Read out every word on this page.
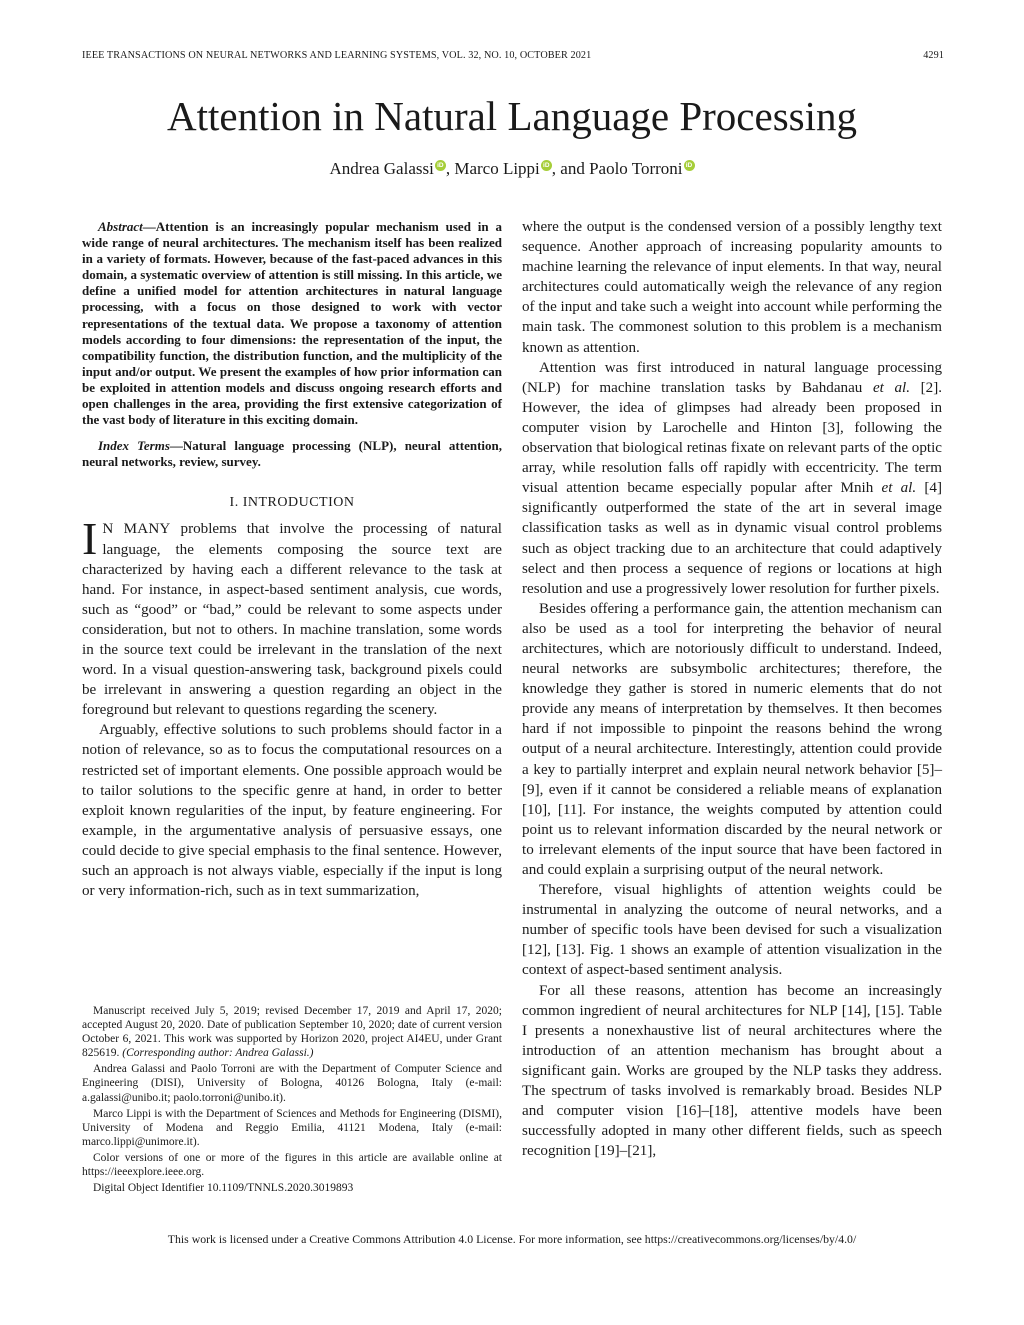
IEEE TRANSACTIONS ON NEURAL NETWORKS AND LEARNING SYSTEMS, VOL. 32, NO. 10, OCTOBER 2021	4291
Attention in Natural Language Processing
Andrea Galassi iD , Marco Lippi iD , and Paolo Torroni iD

Abstract—Attention is an increasingly popular mechanism used in a wide range of neural architectures. The mechanism itself has been realized in a variety of formats. However, because of the fast-paced advances in this domain, a systematic overview of attention is still missing. In this article, we define a unified model for attention architectures in natural language processing, with a focus on those designed to work with vector representations of the textual data. We propose a taxonomy of attention models according to four dimensions: the representation of the input, the compatibility function, the distribution function, and the multiplicity of the input and/or output. We present the examples of how prior information can be exploited in attention models and discuss ongoing research efforts and open challenges in the area, providing the first extensive categorization of the vast body of literature in this exciting domain.

Index Terms—Natural language processing (NLP), neural attention, neural networks, review, survey.

I. INTRODUCTION

I N MANY problems that involve the processing of natural language, the elements composing the source text are characterized by having each a different relevance to the task at hand. For instance, in aspect-based sentiment analysis, cue words, such as “good” or “bad,” could be relevant to some aspects under consideration, but not to others. In machine translation, some words in the source text could be irrelevant in the translation of the next word. In a visual question-answering task, background pixels could be irrelevant in answering a question regarding an object in the foreground but relevant to questions regarding the scenery.

Arguably, effective solutions to such problems should factor in a notion of relevance, so as to focus the computational resources on a restricted set of important elements. One possible approach would be to tailor solutions to the specific genre at hand, in order to better exploit known regularities of the input, by feature engineering. For example, in the argumentative analysis of persuasive essays, one could decide to give special emphasis to the final sentence. However, such an approach is not always viable, especially if the input is long or very information-rich, such as in text summarization,

Manuscript received July 5, 2019; revised December 17, 2019 and April 17, 2020; accepted August 20, 2020. Date of publication September 10, 2020; date of current version October 6, 2021. This work was supported by Horizon 2020, project AI4EU, under Grant 825619. (Corresponding author: Andrea Galassi.)

Andrea Galassi and Paolo Torroni are with the Department of Computer Science and Engineering (DISI), University of Bologna, 40126 Bologna, Italy (e-mail: a.galassi@unibo.it; paolo.torroni@unibo.it).

Marco Lippi is with the Department of Sciences and Methods for Engineering (DISMI), University of Modena and Reggio Emilia, 41121 Modena, Italy (e-mail: marco.lippi@unimore.it).

Color versions of one or more of the figures in this article are available online at https://ieeexplore.ieee.org.

Digital Object Identifier 10.1109/TNNLS.2020.3019893

where the output is the condensed version of a possibly lengthy text sequence. Another approach of increasing popularity amounts to machine learning the relevance of input elements. In that way, neural architectures could automatically weigh the relevance of any region of the input and take such a weight into account while performing the main task. The commonest solution to this problem is a mechanism known as attention.

Attention was first introduced in natural language processing (NLP) for machine translation tasks by Bahdanau et al. [2]. However, the idea of glimpses had already been proposed in computer vision by Larochelle and Hinton [3], following the observation that biological retinas fixate on relevant parts of the optic array, while resolution falls off rapidly with eccentricity. The term visual attention became especially popular after Mnih et al. [4] significantly outperformed the state of the art in several image classification tasks as well as in dynamic visual control problems such as object tracking due to an architecture that could adaptively select and then process a sequence of regions or locations at high resolution and use a progressively lower resolution for further pixels.

Besides offering a performance gain, the attention mechanism can also be used as a tool for interpreting the behavior of neural architectures, which are notoriously difficult to understand. Indeed, neural networks are subsymbolic architectures; therefore, the knowledge they gather is stored in numeric elements that do not provide any means of interpretation by themselves. It then becomes hard if not impossible to pinpoint the reasons behind the wrong output of a neural architecture. Interestingly, attention could provide a key to partially interpret and explain neural network behavior [5]–[9], even if it cannot be considered a reliable means of explanation [10], [11]. For instance, the weights computed by attention could point us to relevant information discarded by the neural network or to irrelevant elements of the input source that have been factored in and could explain a surprising output of the neural network.

Therefore, visual highlights of attention weights could be instrumental in analyzing the outcome of neural networks, and a number of specific tools have been devised for such a visualization [12], [13]. Fig. 1 shows an example of attention visualization in the context of aspect-based sentiment analysis.

For all these reasons, attention has become an increasingly common ingredient of neural architectures for NLP [14], [15]. Table I presents a nonexhaustive list of neural architectures where the introduction of an attention mechanism has brought about a significant gain. Works are grouped by the NLP tasks they address. The spectrum of tasks involved is remarkably broad. Besides NLP and computer vision [16]–[18], attentive models have been successfully adopted in many other different fields, such as speech recognition [19]–[21],

This work is licensed under a Creative Commons Attribution 4.0 License. For more information, see https://creativecommons.org/licenses/by/4.0/
